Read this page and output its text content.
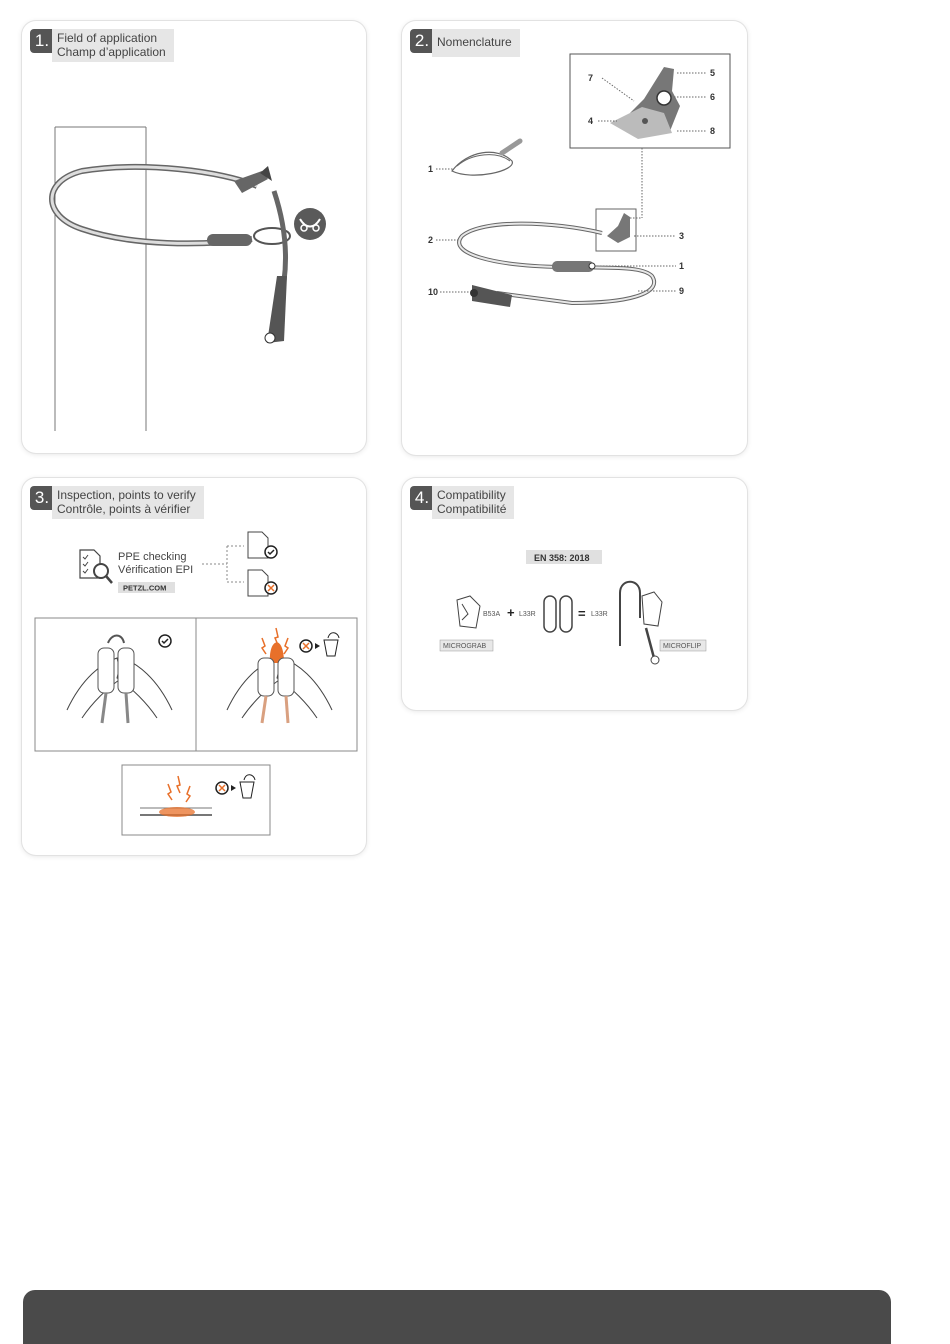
1. Field of application
Champ d’application
2. Nomenclature
7	5
6
4
8
1
2	3
1
10	9
3. Inspection, points to verify
Contrôle, points à vérifier
PPE checking
Vérification EPI
PETZL.COM
4. Compatibility
Compatibilité
EN 358: 2018
B53A + L33R	= L33R
MICROGRAB	MICROFLIP
